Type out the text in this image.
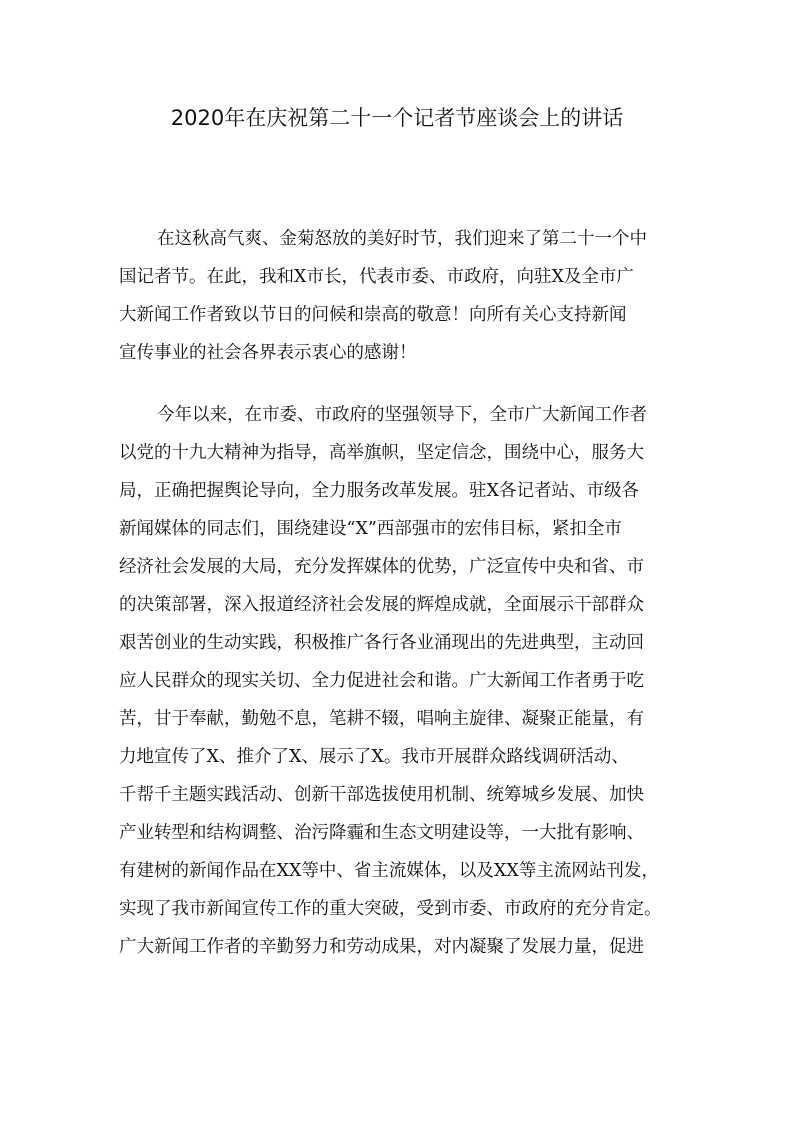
2020年在庆祝第二十一个记者节座谈会上的讲话
在这秋高气爽、金菊怒放的美好时节，我们迎来了第二十一个中
国记者节。在此，我和X市长，代表市委、市政府，向驻X及全市广
大新闻工作者致以节日的问候和崇高的敬意！向所有关心支持新闻
宣传事业的社会各界表示衷心的感谢！
今年以来，在市委、市政府的坚强领导下，全市广大新闻工作者
以党的十九大精神为指导，高举旗帜，坚定信念，围绕中心，服务大
局，正确把握舆论导向，全力服务改革发展。驻X各记者站、市级各
新闻媒体的同志们，围绕建设“X”西部强市的宏伟目标，紧扣全市
经济社会发展的大局，充分发挥媒体的优势，广泛宣传中央和省、市
的决策部署，深入报道经济社会发展的辉煌成就，全面展示干部群众
艰苦创业的生动实践，积极推广各行各业涌现出的先进典型，主动回
应人民群众的现实关切、全力促进社会和谐。广大新闻工作者勇于吃
苦，甘于奉献，勤勉不息，笔耕不辍，唱响主旋律、凝聚正能量，有
力地宣传了X、推介了X、展示了X。我市开展群众路线调研活动、
千帮千主题实践活动、创新干部选拔使用机制、统筹城乡发展、加快
产业转型和结构调整、治污降霾和生态文明建设等，一大批有影响、
有建树的新闻作品在XX等中、省主流媒体，以及XX等主流网站刊发，
实现了我市新闻宣传工作的重大突破，受到市委、市政府的充分肯定。
广大新闻工作者的辛勤努力和劳动成果，对内凝聚了发展力量，促进
